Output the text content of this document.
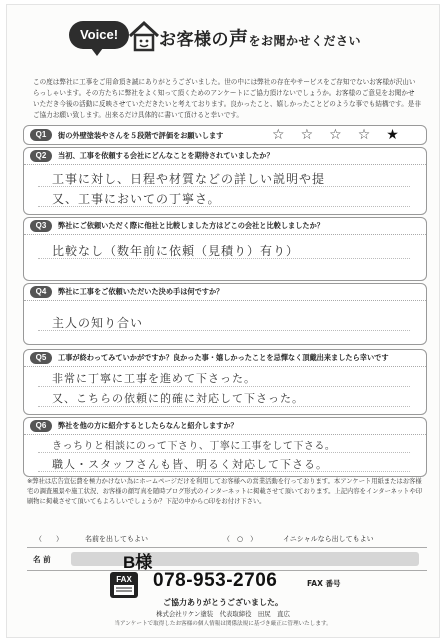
Voice!	お客様の声をお聞かせください
この度は弊社に工事をご用命頂き誠にありがとうございました。世の中には弊社の存在やサービスをご存知でないお客様が沢山いらっしゃいます。その方たちに弊社をよく知って頂くためのアンケートにご協力頂けないでしょうか。お客様のご意見をお聞かせいただき今後の活動に反映させていただきたいと考えております。良かったこと、嬉しかったことどのような事でも結構です。是非ご協力お願い致します。出来るだけ具体的に書いて頂けると幸いです。
Q1	街の外壁塗装やさんを５段階で評価をお願いします	☆☆☆☆★
Q2	当初、工事を依頼する会社にどんなことを期待されていましたか？
工事に対し、日程や材質などの詳しい説明や提
又、工事においての丁寧さ。
Q3	弊社にご依頼いただく際に他社と比較しました方はどこの会社と比較しましたか？
比較なし（数年前に依頼（見積り）有り）
Q4	弊社に工事をご依頼いただいた決め手は何ですか？
主人の知り合い
Q5	工事が終わってみていかがですか？良かった事・嬉しかったことを忌憚なく頂戴出来ましたら幸いです
非常に丁寧に工事を進めて下さった。
又、こちらの依頼に的確に対応して下さった。
Q6	弊社を他の方に紹介するとしたらなんと紹介しますか？
きっちりと相談にのって下さり、丁寧に工事をして下さる。
職人・スタッフさんも皆、明るく対応して下さる。
※弊社は広告宣伝費を極力かけない為にホームページだけを利用してお客様への営業活動を行っております。本アンケート用紙またはお客様宅の調査風景や施工状況、お客様の顔写真を随時ブログ形式のインターネットに掲載させて頂いております。上記内容をインターネットや印刷物に掲載させて頂いてもよろしいでしょうか？下記の中から○印をお付け下さい。
（　　）	名前を出してもよい	（　○　）	イニシャルなら出してもよい
名 前	B様
FAX 078-953-2706	FAX 番号
ご協力ありがとうございました。
株式会社リケン塗装　代表取締役　田尻　直広
当アンケートで取得したお客様の個人情報は関係法規に基づき厳正に管理いたします。
